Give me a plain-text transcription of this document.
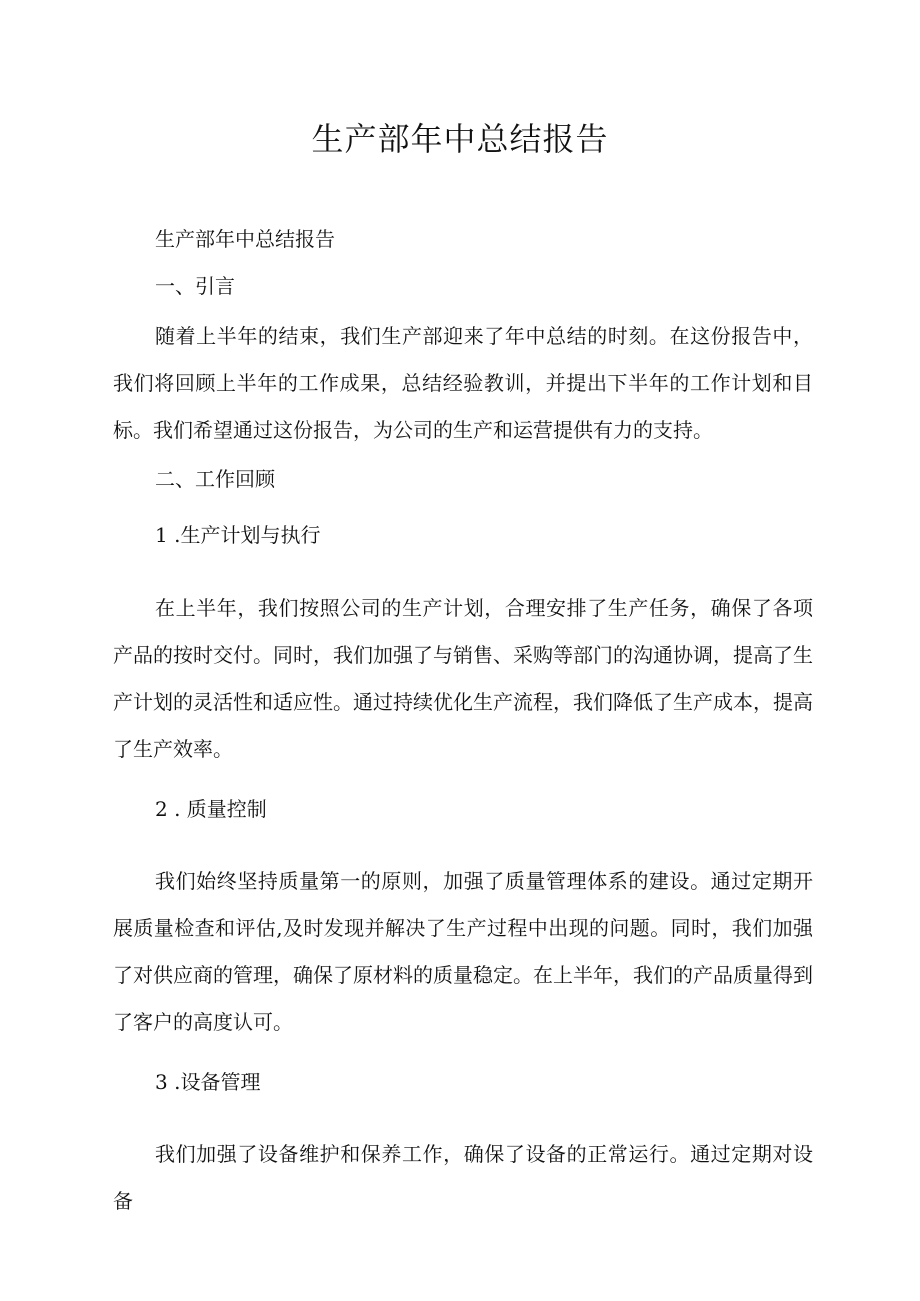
生产部年中总结报告
生产部年中总结报告
一、引言
随着上半年的结束，我们生产部迎来了年中总结的时刻。在这份报告中，我们将回顾上半年的工作成果，总结经验教训，并提出下半年的工作计划和目标。我们希望通过这份报告，为公司的生产和运营提供有力的支持。
二、工作回顾
1 .生产计划与执行
在上半年，我们按照公司的生产计划，合理安排了生产任务，确保了各项产品的按时交付。同时，我们加强了与销售、采购等部门的沟通协调，提高了生产计划的灵活性和适应性。通过持续优化生产流程，我们降低了生产成本，提高了生产效率。
2 . 质量控制
我们始终坚持质量第一的原则，加强了质量管理体系的建设。通过定期开展质量检查和评估,及时发现并解决了生产过程中出现的问题。同时，我们加强了对供应商的管理，确保了原材料的质量稳定。在上半年，我们的产品质量得到了客户的高度认可。
3 .设备管理
我们加强了设备维护和保养工作，确保了设备的正常运行。通过定期对设备
